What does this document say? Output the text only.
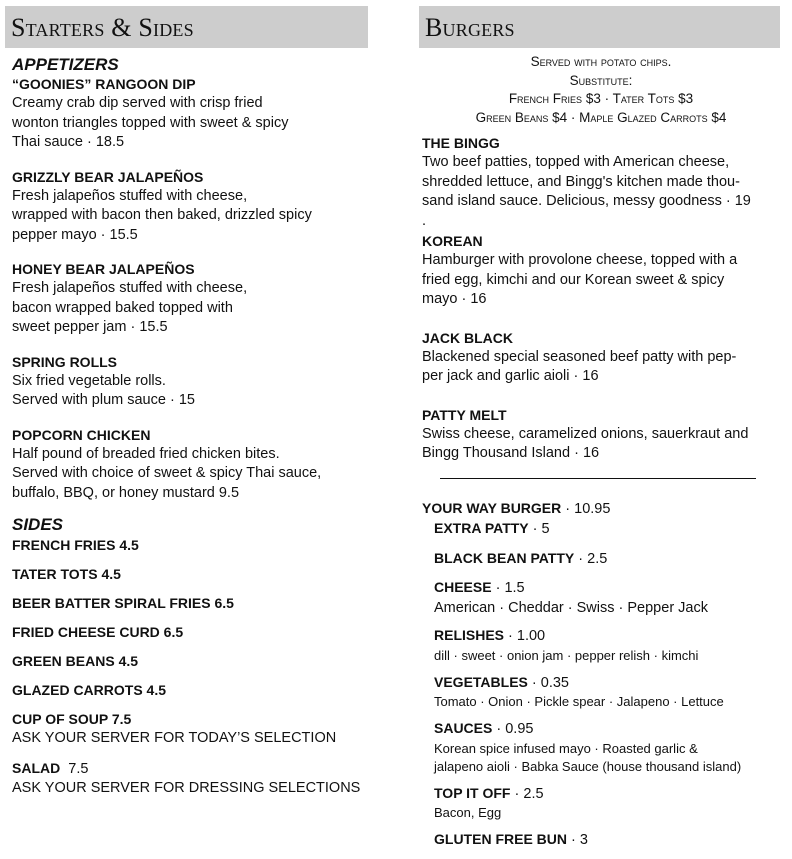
Starters & Sides
APPETIZERS
“GOONIES” RANGOON DIP
Creamy crab dip served with crisp fried
wonton triangles topped with sweet & spicy
Thai sauce · 18.5
GRIZZLY BEAR JALAPEÑOS
Fresh jalapeños stuffed with cheese,
wrapped with bacon then baked, drizzled spicy
pepper mayo · 15.5
HONEY BEAR JALAPEÑOS
Fresh jalapeños stuffed with cheese,
bacon wrapped baked topped with
sweet pepper jam · 15.5
SPRING ROLLS
Six fried vegetable rolls.
Served with plum sauce · 15
POPCORN CHICKEN
Half pound of breaded fried chicken bites.
Served with choice of sweet & spicy Thai sauce,
buffalo, BBQ, or honey mustard 9.5
SIDES
FRENCH FRIES 4.5
TATER TOTS 4.5
BEER BATTER SPIRAL FRIES 6.5
FRIED CHEESE CURD 6.5
GREEN BEANS 4.5
GLAZED CARROTS 4.5
CUP OF SOUP 7.5
ASK YOUR SERVER FOR TODAY’S SELECTION
SALAD 7.5
ASK YOUR SERVER FOR DRESSING SELECTIONS
Burgers
Served with potato chips.
Substitute:
French Fries $3 · Tater Tots $3
Green Beans $4 · Maple Glazed Carrots $4
THE BINGG
Two beef patties, topped with American cheese,
shredded lettuce, and Bingg's kitchen made thou-
sand island sauce. Delicious, messy goodness · 19
.
KOREAN
Hamburger with provolone cheese, topped with a
fried egg, kimchi and our Korean sweet & spicy
mayo · 16
JACK BLACK
Blackened special seasoned beef patty with pep-
per jack and garlic aioli · 16
PATTY MELT
Swiss cheese, caramelized onions, sauerkraut and
Bingg Thousand Island · 16
YOUR WAY BURGER · 10.95
EXTRA PATTY · 5
BLACK BEAN PATTY · 2.5
CHEESE · 1.5
American · Cheddar · Swiss · Pepper Jack
RELISHES · 1.00
dill · sweet · onion jam · pepper relish · kimchi
VEGETABLES · 0.35
Tomato · Onion · Pickle spear · Jalapeno · Lettuce
SAUCES · 0.95
Korean spice infused mayo · Roasted garlic &
jalapeno aioli · Babka Sauce (house thousand island)
TOP IT OFF · 2.5
Bacon, Egg
GLUTEN FREE BUN · 3
